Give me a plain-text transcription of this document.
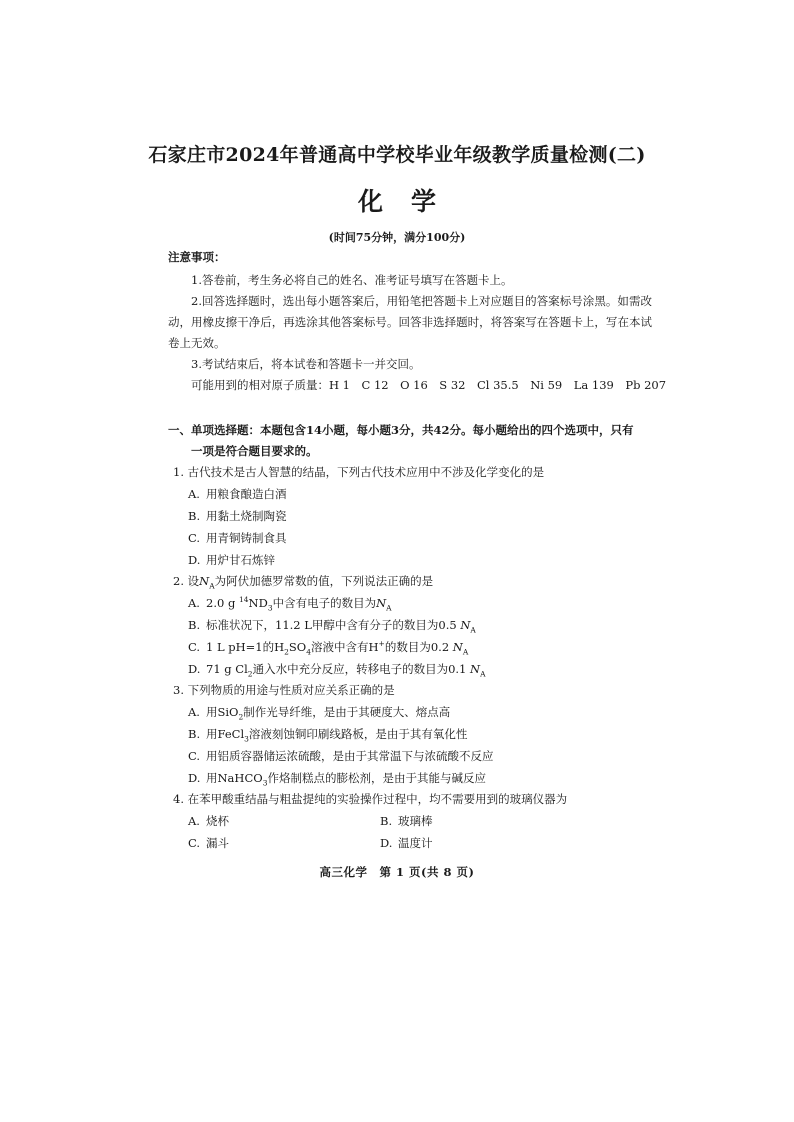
石家庄市2024年普通高中学校毕业年级教学质量检测(二)
化学
(时间75分钟，满分100分)
注意事项：
1.答卷前，考生务必将自己的姓名、准考证号填写在答题卡上。
2.回答选择题时，选出每小题答案后，用铅笔把答题卡上对应题目的答案标号涂黑。如需改动，用橡皮擦干净后，再选涂其他答案标号。回答非选择题时，将答案写在答题卡上，写在本试卷上无效。
3.考试结束后，将本试卷和答题卡一并交回。
可能用到的相对原子质量：H 1　C 12　O 16　S 32　Cl 35.5　Ni 59　La 139　Pb 207
一、单项选择题：本题包含14小题，每小题3分，共42分。每小题给出的四个选项中，只有
一项是符合题目要求的。
1. 古代技术是古人智慧的结晶，下列古代技术应用中不涉及化学变化的是
A. 用粮食酿造白酒
B. 用黏土烧制陶瓷
C. 用青铜铸制食具
D. 用炉甘石炼锌
2. 设$N_A$为阿伏加德罗常数的值，下列说法正确的是
A. 2.0 g $^{14}ND_3$中含有电子的数目为$N_A$
B. 标准状况下，11.2 L甲醇中含有分子的数目为0.5 $N_A$
C. 1 L pH=1的$H_2SO_4$溶液中含有H+的数目为0.2 $N_A$
D. 71 g $Cl_2$通入水中充分反应，转移电子的数目为0.1 $N_A$
3. 下列物质的用途与性质对应关系正确的是
A. 用SiO$_2$制作光导纤维，是由于其硬度大、熔点高
B. 用FeCl$_3$溶液刻蚀铜印刷线路板，是由于其有氧化性
C. 用铝质容器储运浓硫酸，是由于其常温下与浓硫酸不反应
D. 用NaHCO$_3$作烙制糕点的膨松剂，是由于其能与碱反应
4. 在苯甲酸重结晶与粗盐提纯的实验操作过程中，均不需要用到的玻璃仪器为
A. 烧杯	B. 玻璃棒
C. 漏斗	D. 温度计
高三化学　第 1 页(共 8 页)
